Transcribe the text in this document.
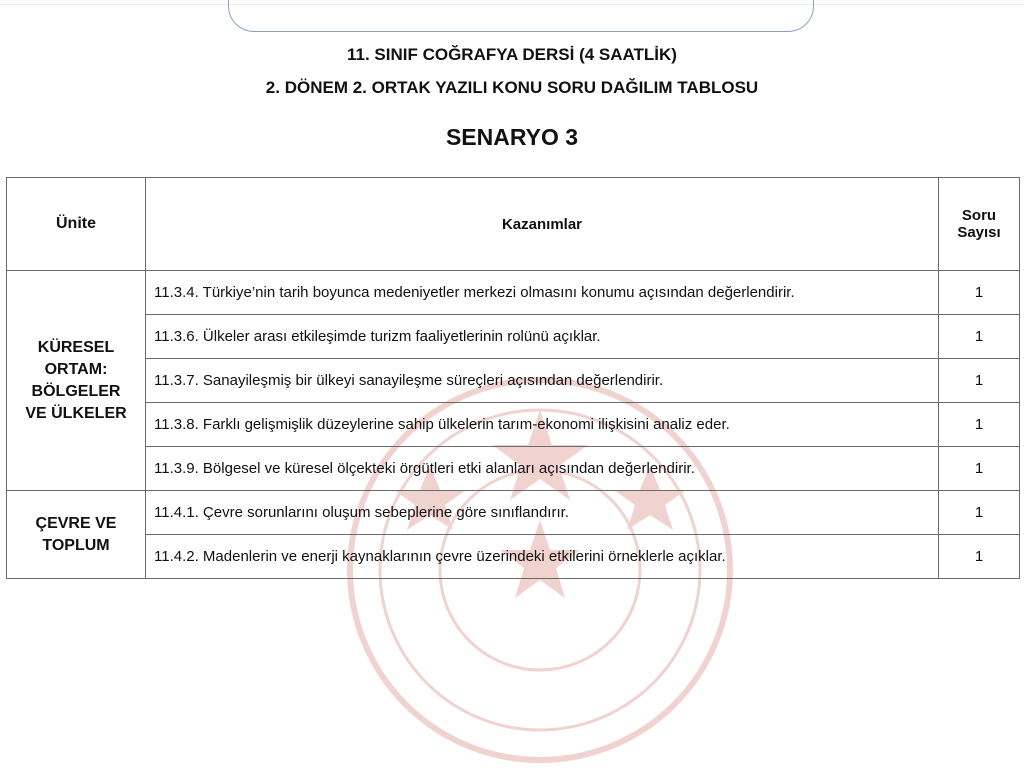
11. SINIF COĞRAFYA DERSİ (4 SAATLİK)
2. DÖNEM 2. ORTAK YAZILI KONU SORU DAĞILIM TABLOSU
SENARYO 3
Ünite	Kazanımlar	Soru
Sayısı
KÜRESEL
ORTAM:
BÖLGELER
VE ÜLKELER	11.3.4. Türkiye’nin tarih boyunca medeniyetler merkezi olmasını konumu açısından değerlendirir.	1
	11.3.6. Ülkeler arası etkileşimde turizm faaliyetlerinin rolünü açıklar.	1
	11.3.7. Sanayileşmiş bir ülkeyi sanayileşme süreçleri açısından değerlendirir.	1
	11.3.8. Farklı gelişmişlik düzeylerine sahip ülkelerin tarım-ekonomi ilişkisini analiz eder.	1
	11.3.9. Bölgesel ve küresel ölçekteki örgütleri etki alanları açısından değerlendirir.	1
ÇEVRE VE
TOPLUM	11.4.1. Çevre sorunlarını oluşum sebeplerine göre sınıflandırır.	1
	11.4.2. Madenlerin ve enerji kaynaklarının çevre üzerindeki etkilerini örneklerle açıklar.	1
